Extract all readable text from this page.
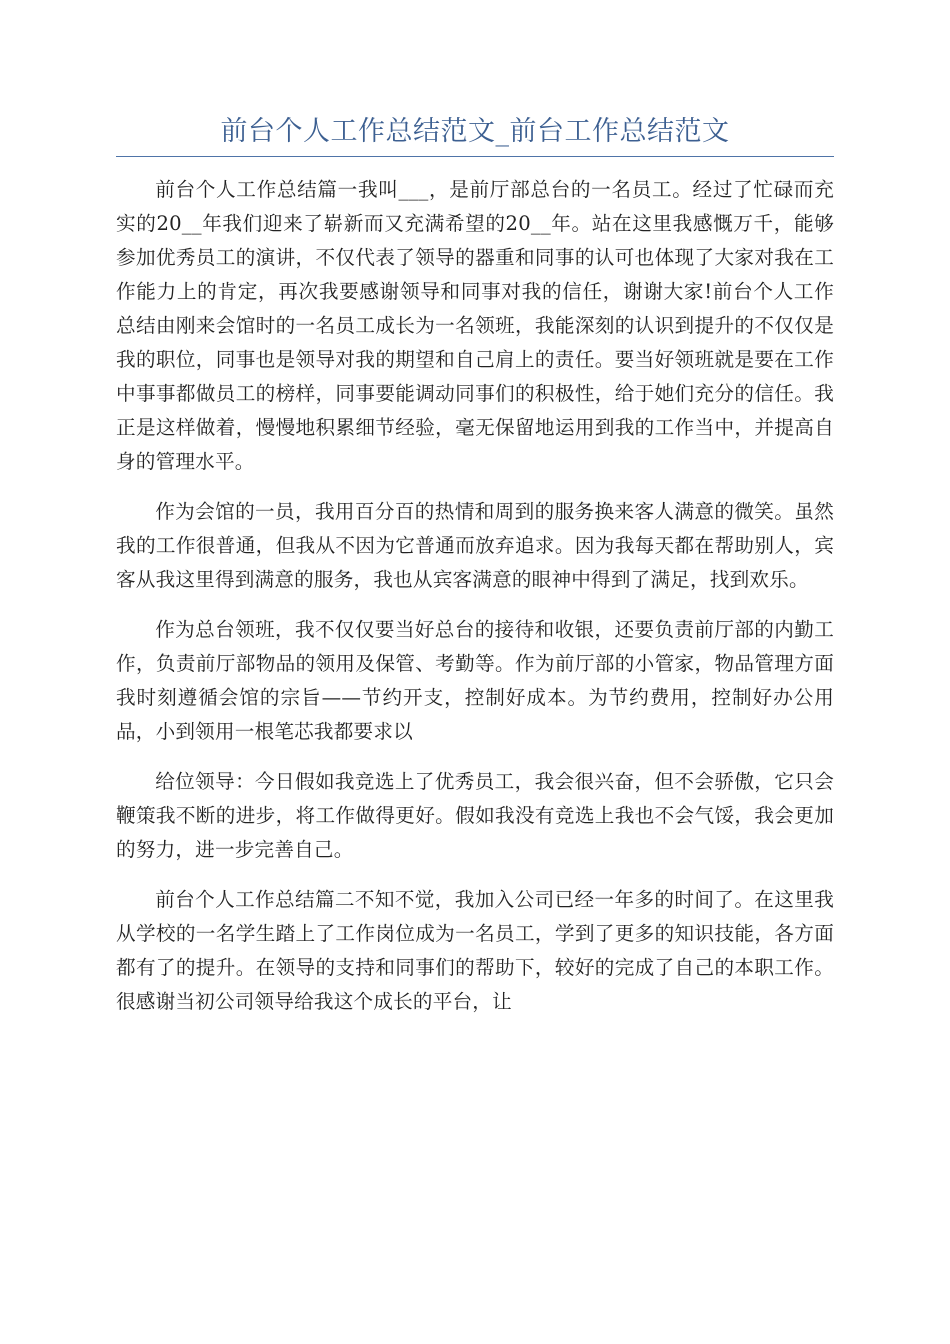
前台个人工作总结范文_前台工作总结范文

前台个人工作总结篇一我叫___，是前厅部总台的一名员工。经过了忙碌而充实的20__年我们迎来了崭新而又充满希望的20__年。站在这里我感慨万千，能够参加优秀员工的演讲，不仅代表了领导的器重和同事的认可也体现了大家对我在工作能力上的肯定，再次我要感谢领导和同事对我的信任，谢谢大家!前台个人工作总结由刚来会馆时的一名员工成长为一名领班，我能深刻的认识到提升的不仅仅是我的职位，同事也是领导对我的期望和自己肩上的责任。要当好领班就是要在工作中事事都做员工的榜样，同事要能调动同事们的积极性，给于她们充分的信任。我正是这样做着，慢慢地积累细节经验，毫无保留地运用到我的工作当中，并提高自身的管理水平。

作为会馆的一员，我用百分百的热情和周到的服务换来客人满意的微笑。虽然我的工作很普通，但我从不因为它普通而放弃追求。因为我每天都在帮助别人，宾客从我这里得到满意的服务，我也从宾客满意的眼神中得到了满足，找到欢乐。

作为总台领班，我不仅仅要当好总台的接待和收银，还要负责前厅部的内勤工作，负责前厅部物品的领用及保管、考勤等。作为前厅部的小管家，物品管理方面我时刻遵循会馆的宗旨——节约开支，控制好成本。为节约费用，控制好办公用品，小到领用一根笔芯我都要求以

给位领导：今日假如我竞选上了优秀员工，我会很兴奋，但不会骄傲，它只会鞭策我不断的进步，将工作做得更好。假如我没有竞选上我也不会气馁，我会更加的努力，进一步完善自己。

前台个人工作总结篇二不知不觉，我加入公司已经一年多的时间了。在这里我从学校的一名学生踏上了工作岗位成为一名员工，学到了更多的知识技能，各方面都有了的提升。在领导的支持和同事们的帮助下，较好的完成了自己的本职工作。很感谢当初公司领导给我这个成长的平台，让
